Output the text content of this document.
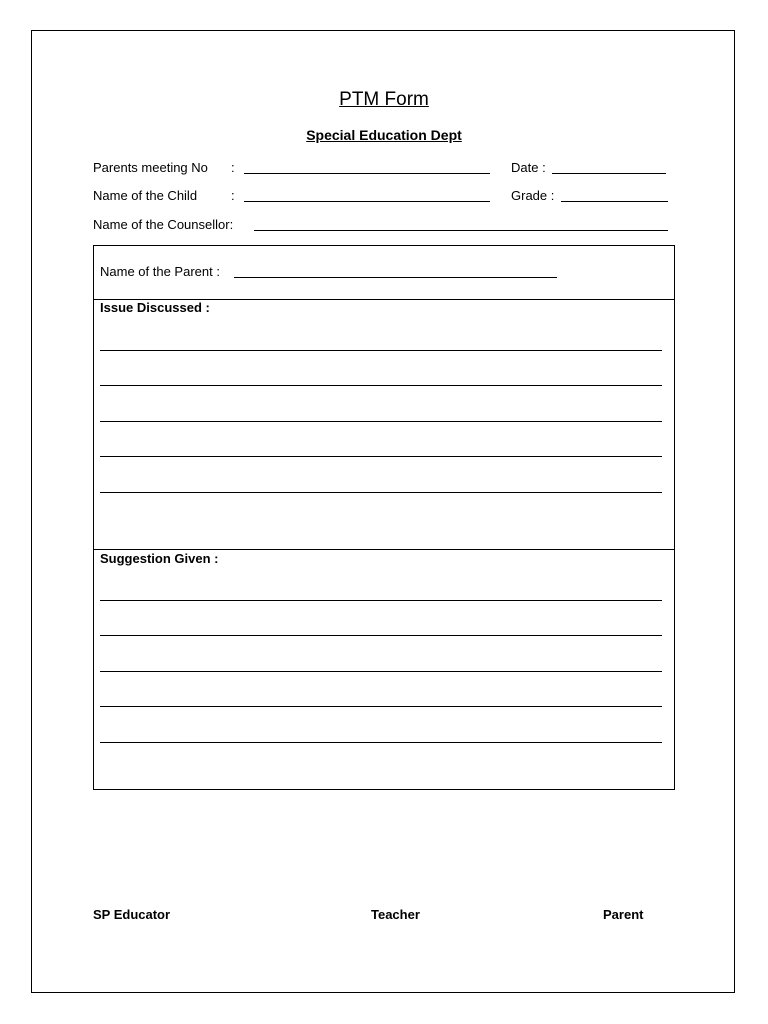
PTM Form
Special Education Dept
Parents meeting No :	Date :
Name of the Child	:	Grade :
Name of the Counsellor:
Name of the Parent :
Issue Discussed :
Suggestion Given :
SP Educator	Teacher	Parent
